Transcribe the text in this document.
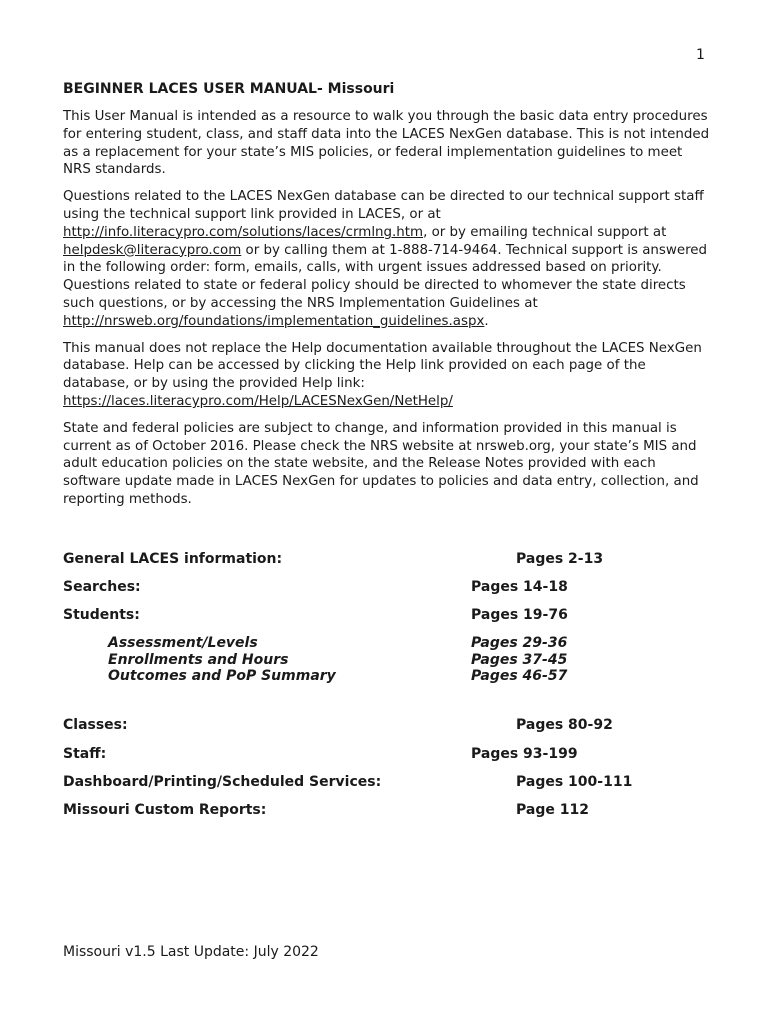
1
BEGINNER LACES USER MANUAL- Missouri

This User Manual is intended as a resource to walk you through the basic data entry procedures for entering student, class, and staff data into the LACES NexGen database. This is not intended as a replacement for your state’s MIS policies, or federal implementation guidelines to meet NRS standards.

Questions related to the LACES NexGen database can be directed to our technical support staff using the technical support link provided in LACES, or at http://info.literacypro.com/solutions/laces/crmlng.htm, or by emailing technical support at helpdesk@literacypro.com or by calling them at 1-888-714-9464. Technical support is answered in the following order: form, emails, calls, with urgent issues addressed based on priority. Questions related to state or federal policy should be directed to whomever the state directs such questions, or by accessing the NRS Implementation Guidelines at http://nrsweb.org/foundations/implementation_guidelines.aspx.

This manual does not replace the Help documentation available throughout the LACES NexGen database. Help can be accessed by clicking the Help link provided on each page of the database, or by using the provided Help link: https://laces.literacypro.com/Help/LACESNexGen/NetHelp/

State and federal policies are subject to change, and information provided in this manual is current as of October 2016. Please check the NRS website at nrsweb.org, your state’s MIS and adult education policies on the state website, and the Release Notes provided with each software update made in LACES NexGen for updates to policies and data entry, collection, and reporting methods.

General LACES information:	Pages 2-13
Searches:	Pages 14-18
Students:	Pages 19-76
Assessment/Levels	Pages 29-36
Enrollments and Hours	Pages 37-45
Outcomes and PoP Summary	Pages 46-57
Classes:	Pages 80-92
Staff:	Pages 93-199
Dashboard/Printing/Scheduled Services:	Pages 100-111
Missouri Custom Reports:	Page 112
Missouri v1.5 Last Update: July 2022
